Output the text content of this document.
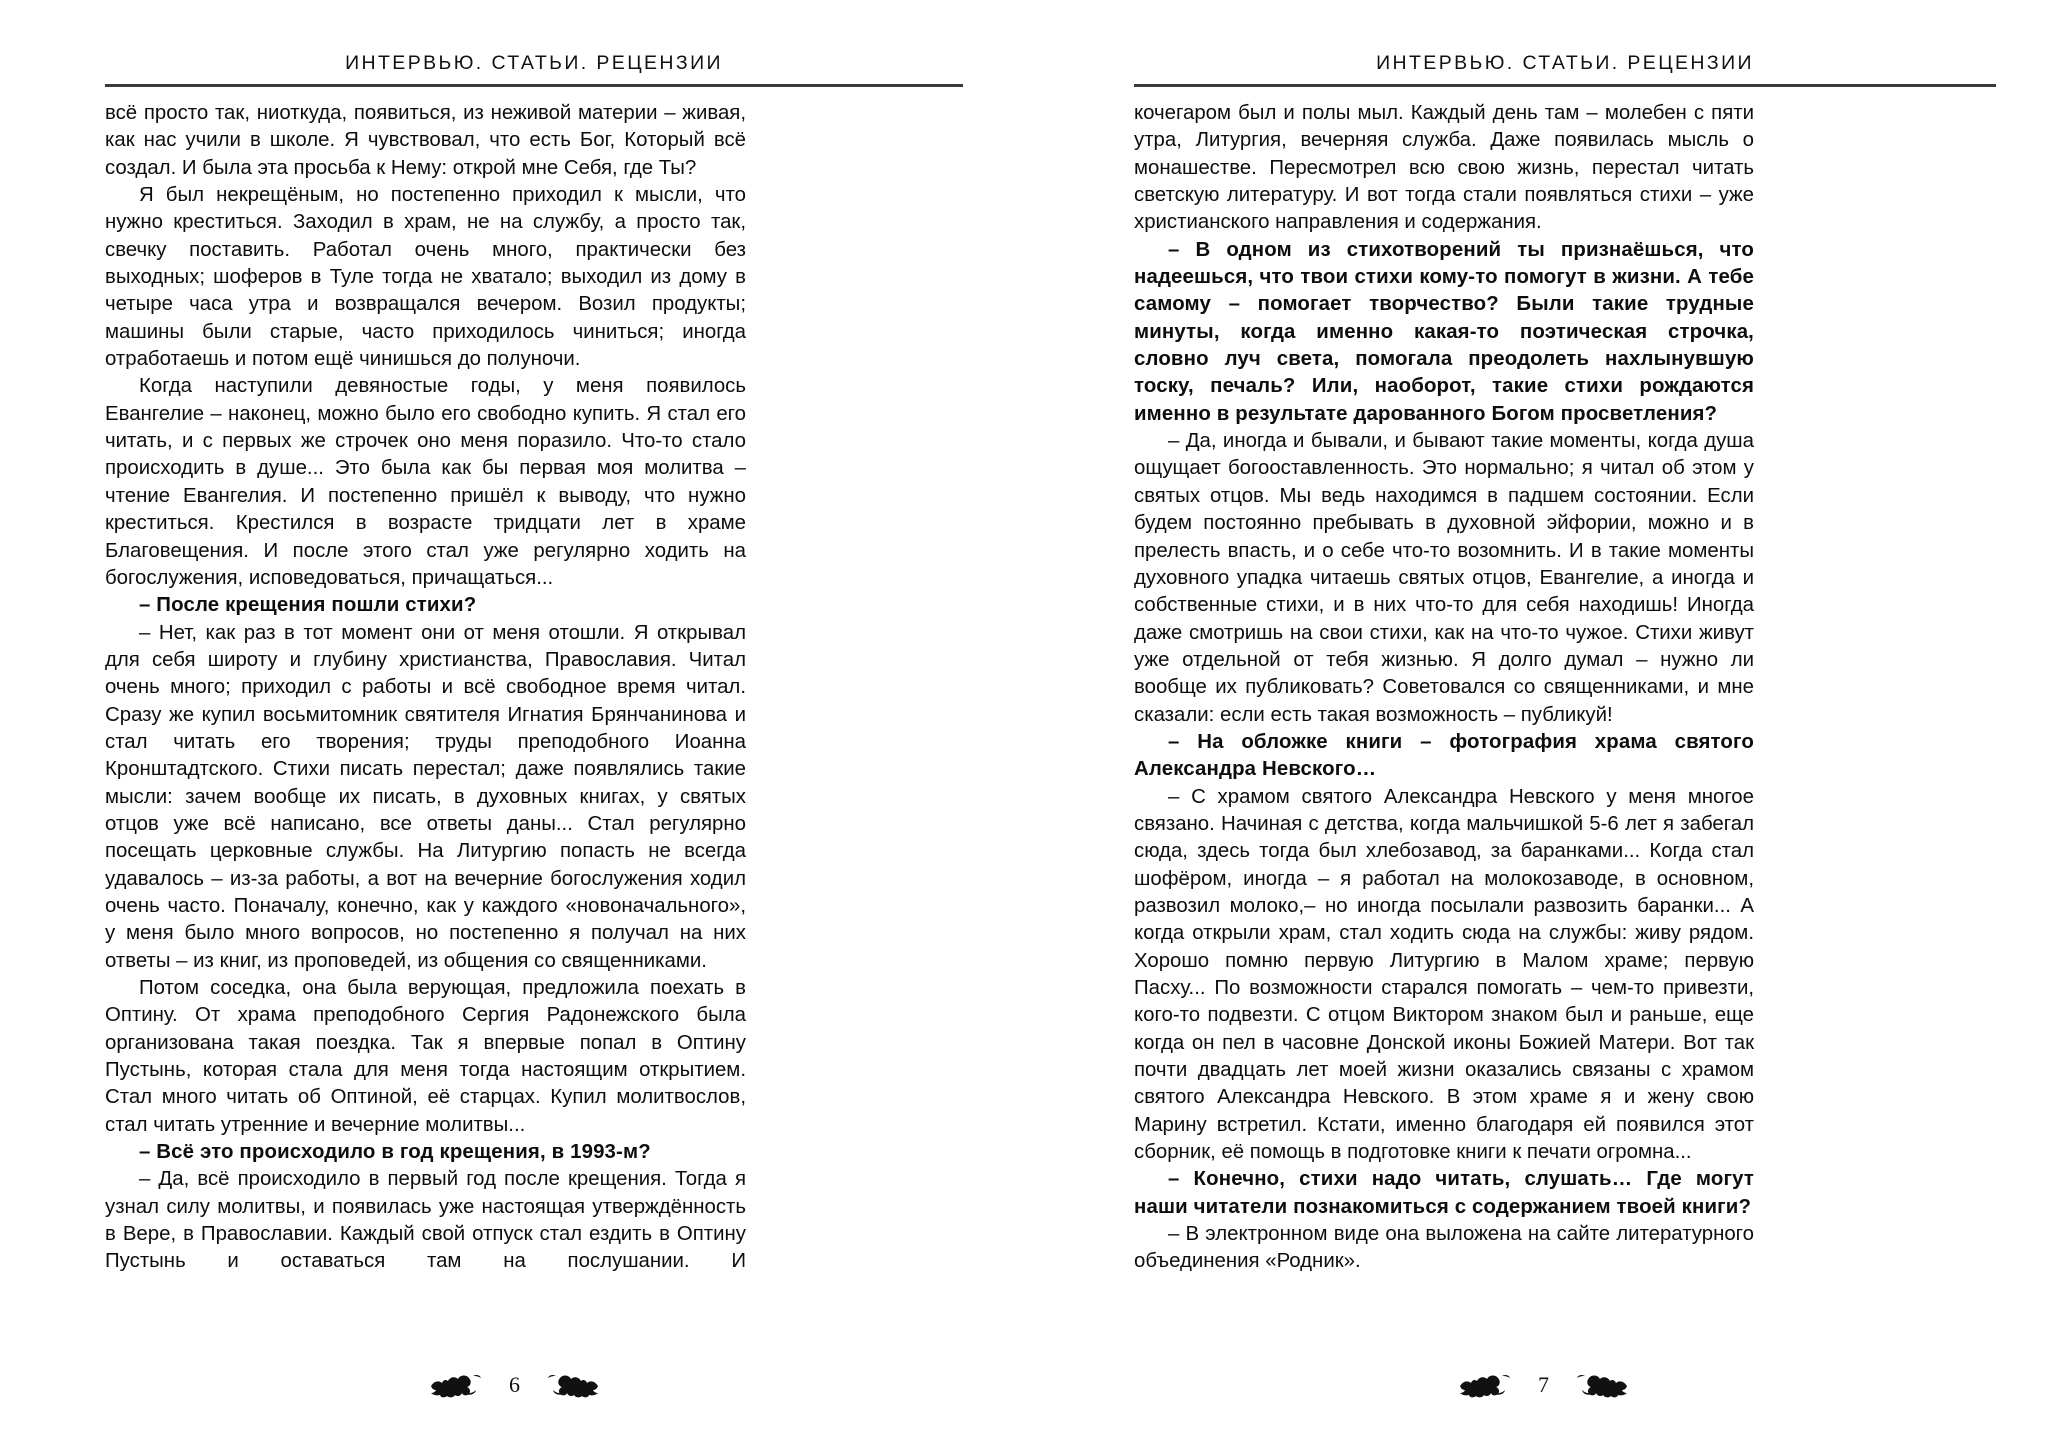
ИНТЕРВЬЮ. СТАТЬИ. РЕЦЕНЗИИ

всё просто так, ниоткуда, появиться, из неживой материи – живая, как нас учили в школе. Я чувствовал, что есть Бог, Который всё создал. И была эта просьба к Нему: открой мне Себя, где Ты?

Я был некрещёным, но постепенно приходил к мысли, что нужно креститься. Заходил в храм, не на службу, а просто так, свечку поставить. Работал очень много, практически без выходных; шоферов в Туле тогда не хватало; выходил из дому в четыре часа утра и возвращался вечером. Возил продукты; машины были старые, часто приходилось чиниться; иногда отработаешь и потом ещё чинишься до полуночи.

Когда наступили девяностые годы, у меня появилось Евангелие – наконец, можно было его свободно купить. Я стал его читать, и с первых же строчек оно меня поразило. Что-то стало происходить в душе... Это была как бы первая моя молитва – чтение Евангелия. И постепенно пришёл к выводу, что нужно креститься. Крестился в возрасте тридцати лет в храме Благовещения. И после этого стал уже регулярно ходить на богослужения, исповедоваться, причащаться...

– После крещения пошли стихи?

– Нет, как раз в тот момент они от меня отошли. Я открывал для себя широту и глубину христианства, Православия. Читал очень много; приходил с работы и всё свободное время читал. Сразу же купил восьмитомник святителя Игнатия Брянчанинова и стал читать его творения; труды преподобного Иоанна Кронштадтского. Стихи писать перестал; даже появлялись такие мысли: зачем вообще их писать, в духовных книгах, у святых отцов уже всё написано, все ответы даны... Стал регулярно посещать церковные службы. На Литургию попасть не всегда удавалось – из-за работы, а вот на вечерние богослужения ходил очень часто. Поначалу, конечно, как у каждого «новоначального», у меня было много вопросов, но постепенно я получал на них ответы – из книг, из проповедей, из общения со священниками.

Потом соседка, она была верующая, предложила поехать в Оптину. От храма преподобного Сергия Радонежского была организована такая поездка. Так я впервые попал в Оптину Пустынь, которая стала для меня тогда настоящим открытием. Стал много читать об Оптиной, её старцах. Купил молитвослов, стал читать утренние и вечерние молитвы...

– Всё это происходило в год крещения, в 1993-м?

– Да, всё происходило в первый год после крещения. Тогда я узнал силу молитвы, и появилась уже настоящая утверждённость в Вере, в Православии. Каждый свой отпуск стал ездить в Оптину Пустынь и оставаться там на послушании. И

6
ИНТЕРВЬЮ. СТАТЬИ. РЕЦЕНЗИИ

кочегаром был и полы мыл. Каждый день там – молебен с пяти утра, Литургия, вечерняя служба. Даже появилась мысль о монашестве. Пересмотрел всю свою жизнь, перестал читать светскую литературу. И вот тогда стали появляться стихи – уже христианского направления и содержания.

– В одном из стихотворений ты признаёшься, что надеешься, что твои стихи кому-то помогут в жизни. А тебе самому – помогает творчество? Были такие трудные минуты, когда именно какая-то поэтическая строчка, словно луч света, помогала преодолеть нахлынувшую тоску, печаль? Или, наоборот, такие стихи рождаются именно в результате дарованного Богом просветления?

– Да, иногда и бывали, и бывают такие моменты, когда душа ощущает богооставленность. Это нормально; я читал об этом у святых отцов. Мы ведь находимся в падшем состоянии. Если будем постоянно пребывать в духовной эйфории, можно и в прелесть впасть, и о себе что-то возомнить. И в такие моменты духовного упадка читаешь святых отцов, Евангелие, а иногда и собственные стихи, и в них что-то для себя находишь! Иногда даже смотришь на свои стихи, как на что-то чужое. Стихи живут уже отдельной от тебя жизнью. Я долго думал – нужно ли вообще их публиковать? Советовался со священниками, и мне сказали: если есть такая возможность – публикуй!

– На обложке книги – фотография храма святого Александра Невского…

– С храмом святого Александра Невского у меня многое связано. Начиная с детства, когда мальчишкой 5-6 лет я забегал сюда, здесь тогда был хлебозавод, за баранками... Когда стал шофёром, иногда – я работал на молокозаводе, в основном, развозил молоко,– но иногда посылали развозить баранки... А когда открыли храм, стал ходить сюда на службы: живу рядом. Хорошо помню первую Литургию в Малом храме; первую Пасху... По возможности старался помогать – чем-то привезти, кого-то подвезти. С отцом Виктором знаком был и раньше, еще когда он пел в часовне Донской иконы Божией Матери. Вот так почти двадцать лет моей жизни оказались связаны с храмом святого Александра Невского. В этом храме я и жену свою Марину встретил. Кстати, именно благодаря ей появился этот сборник, её помощь в подготовке книги к печати огромна...

– Конечно, стихи надо читать, слушать… Где могут наши читатели познакомиться с содержанием твоей книги?

– В электронном виде она выложена на сайте литературного объединения «Родник».

7
